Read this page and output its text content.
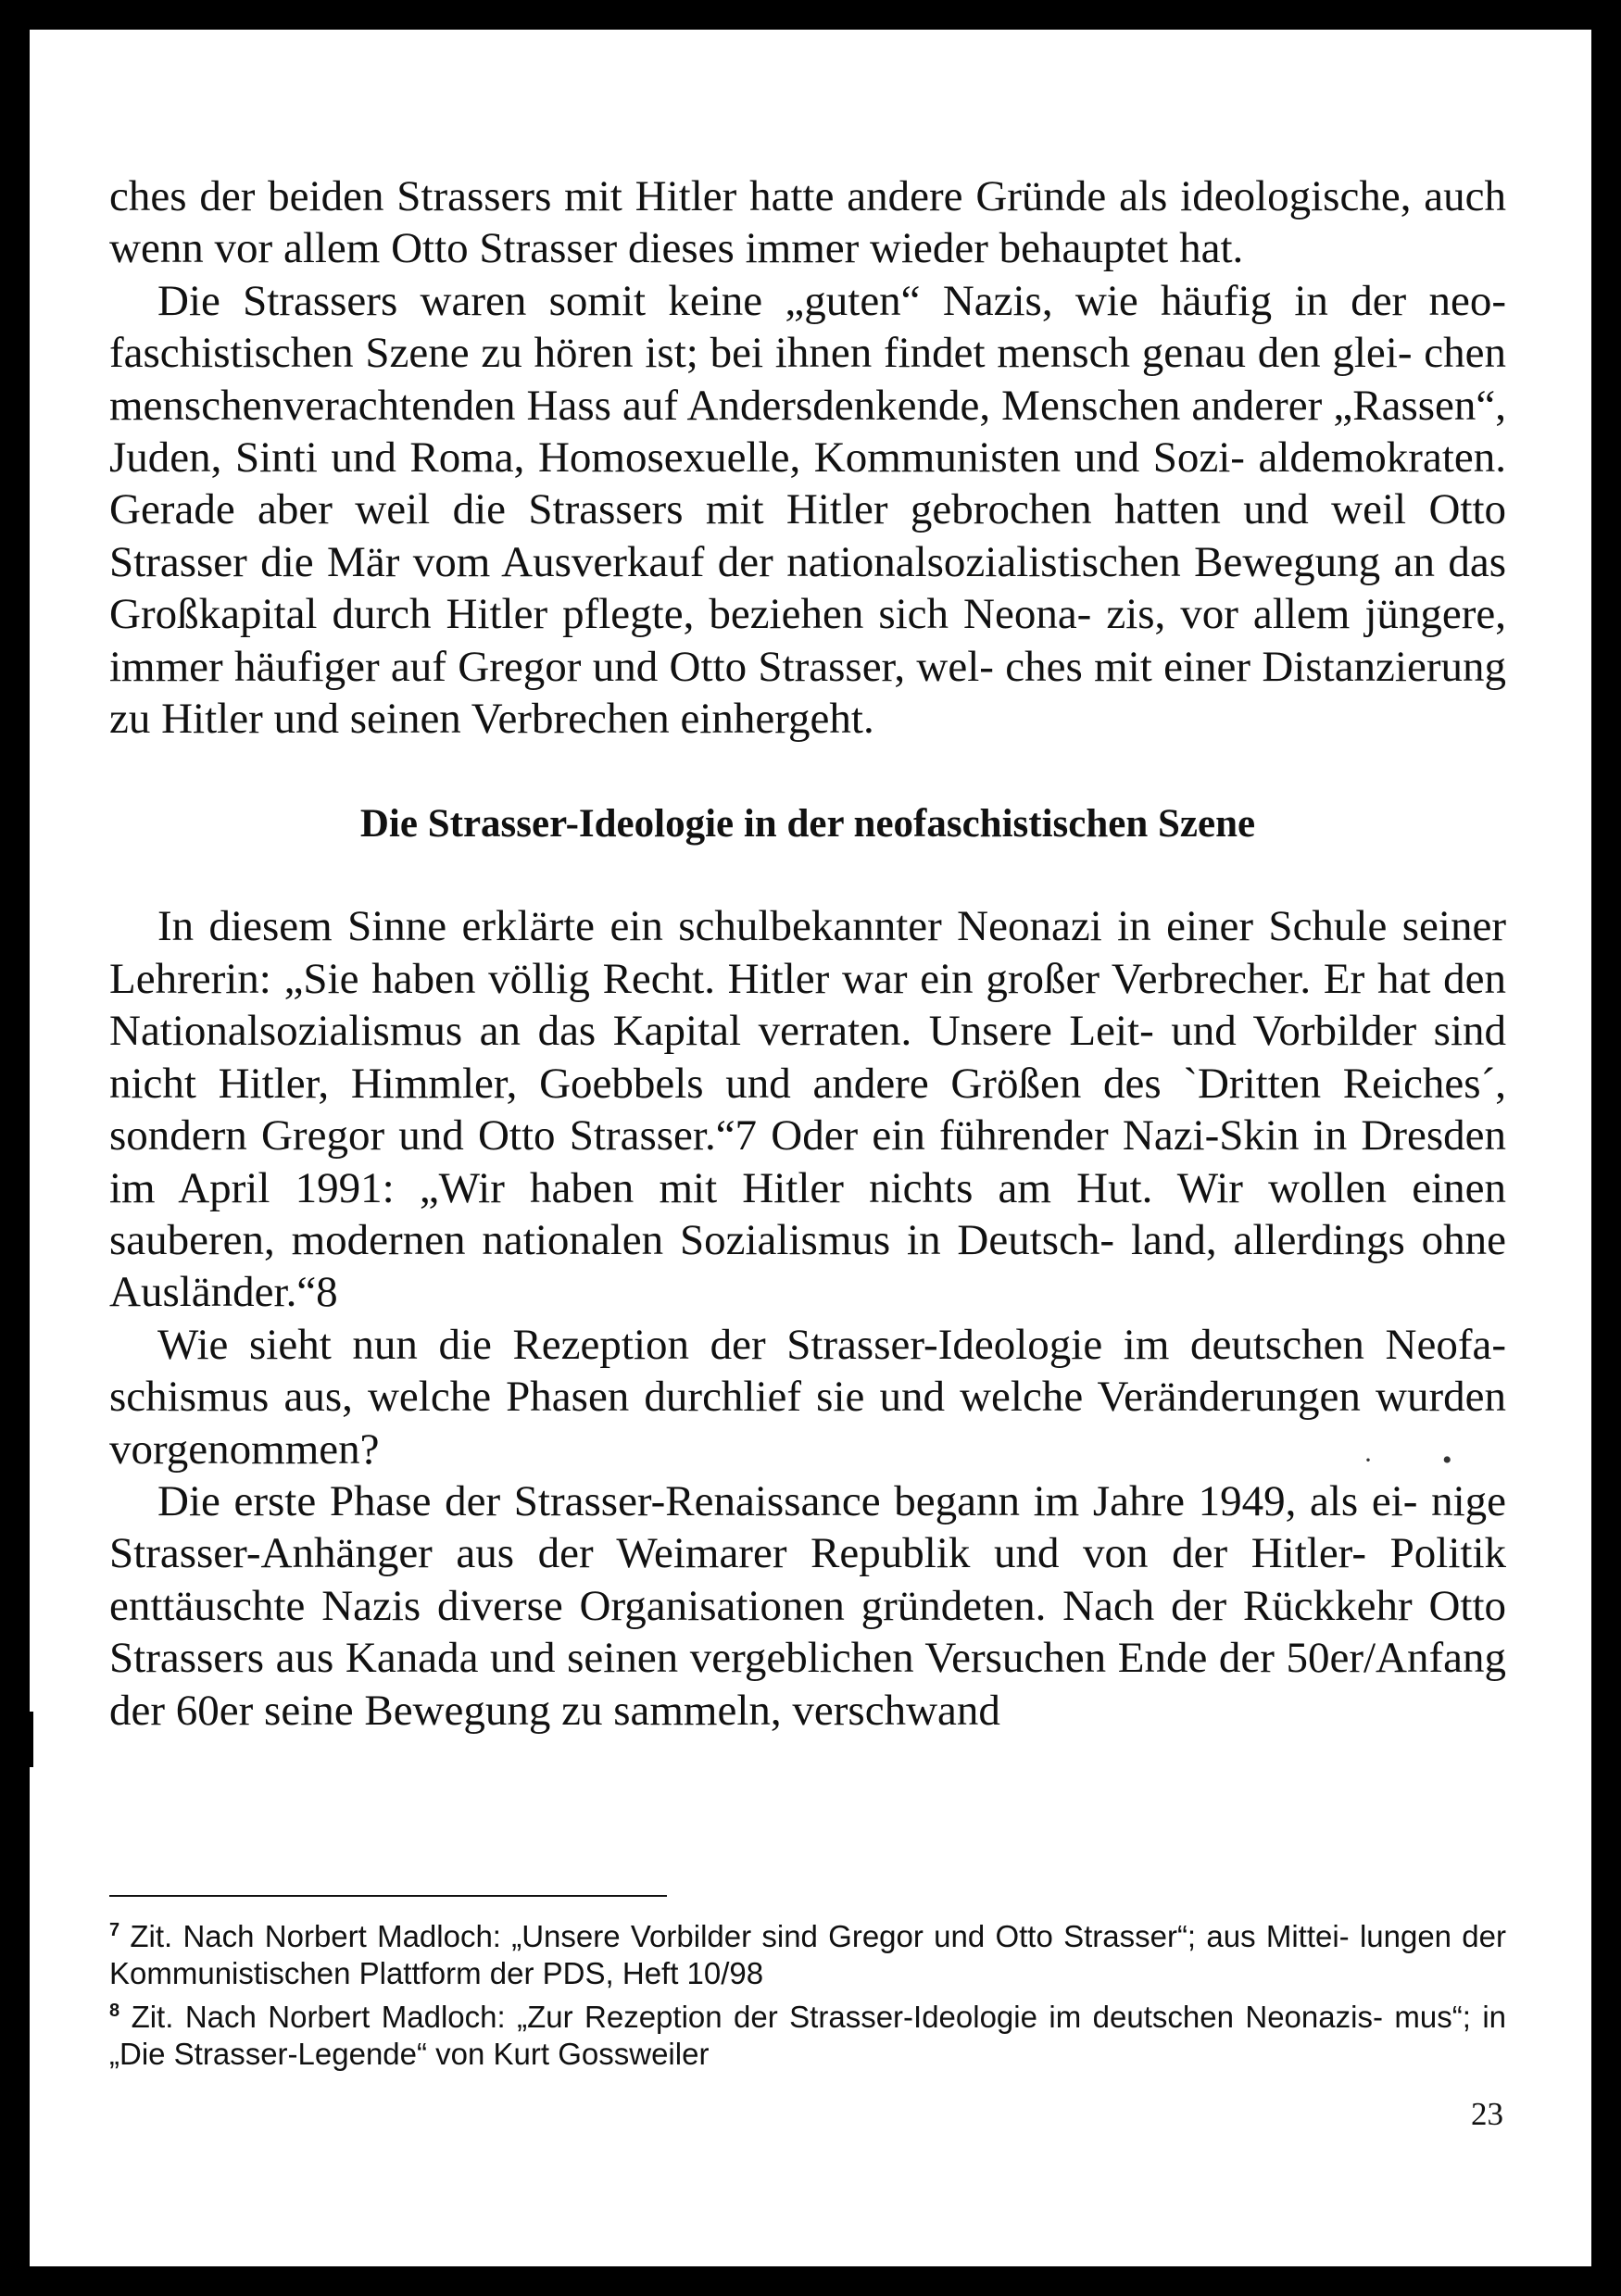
ches der beiden Strassers mit Hitler hatte andere Gründe als ideologische, auch wenn vor allem Otto Strasser dieses immer wieder behauptet hat.

Die Strassers waren somit keine „guten“ Nazis, wie häufig in der neo- faschistischen Szene zu hören ist; bei ihnen findet mensch genau den glei- chen menschenverachtenden Hass auf Andersdenkende, Menschen anderer „Rassen“, Juden, Sinti und Roma, Homosexuelle, Kommunisten und Sozi- aldemokraten. Gerade aber weil die Strassers mit Hitler gebrochen hatten und weil Otto Strasser die Mär vom Ausverkauf der nationalsozialistischen Bewegung an das Großkapital durch Hitler pflegte, beziehen sich Neona- zis, vor allem jüngere, immer häufiger auf Gregor und Otto Strasser, wel- ches mit einer Distanzierung zu Hitler und seinen Verbrechen einhergeht.

Die Strasser-Ideologie in der neofaschistischen Szene

In diesem Sinne erklärte ein schulbekannter Neonazi in einer Schule seiner Lehrerin: „Sie haben völlig Recht. Hitler war ein großer Verbrecher. Er hat den Nationalsozialismus an das Kapital verraten. Unsere Leit- und Vorbilder sind nicht Hitler, Himmler, Goebbels und andere Größen des `Dritten Reiches´, sondern Gregor und Otto Strasser.“7 Oder ein führender Nazi-Skin in Dresden im April 1991: „Wir haben mit Hitler nichts am Hut. Wir wollen einen sauberen, modernen nationalen Sozialismus in Deutsch- land, allerdings ohne Ausländer.“8

Wie sieht nun die Rezeption der Strasser-Ideologie im deutschen Neofa- schismus aus, welche Phasen durchlief sie und welche Veränderungen wurden vorgenommen?

Die erste Phase der Strasser-Renaissance begann im Jahre 1949, als ei- nige Strasser-Anhänger aus der Weimarer Republik und von der Hitler- Politik enttäuschte Nazis diverse Organisationen gründeten. Nach der Rückkehr Otto Strassers aus Kanada und seinen vergeblichen Versuchen Ende der 50er/Anfang der 60er seine Bewegung zu sammeln, verschwand

·          •

$^7$ Zit. Nach Norbert Madloch: „Unsere Vorbilder sind Gregor und Otto Strasser“; aus Mittei- lungen der Kommunistischen Plattform der PDS, Heft 10/98

$^8$ Zit. Nach Norbert Madloch: „Zur Rezeption der Strasser-Ideologie im deutschen Neonazis- mus“; in „Die Strasser-Legende“ von Kurt Gossweiler

23
